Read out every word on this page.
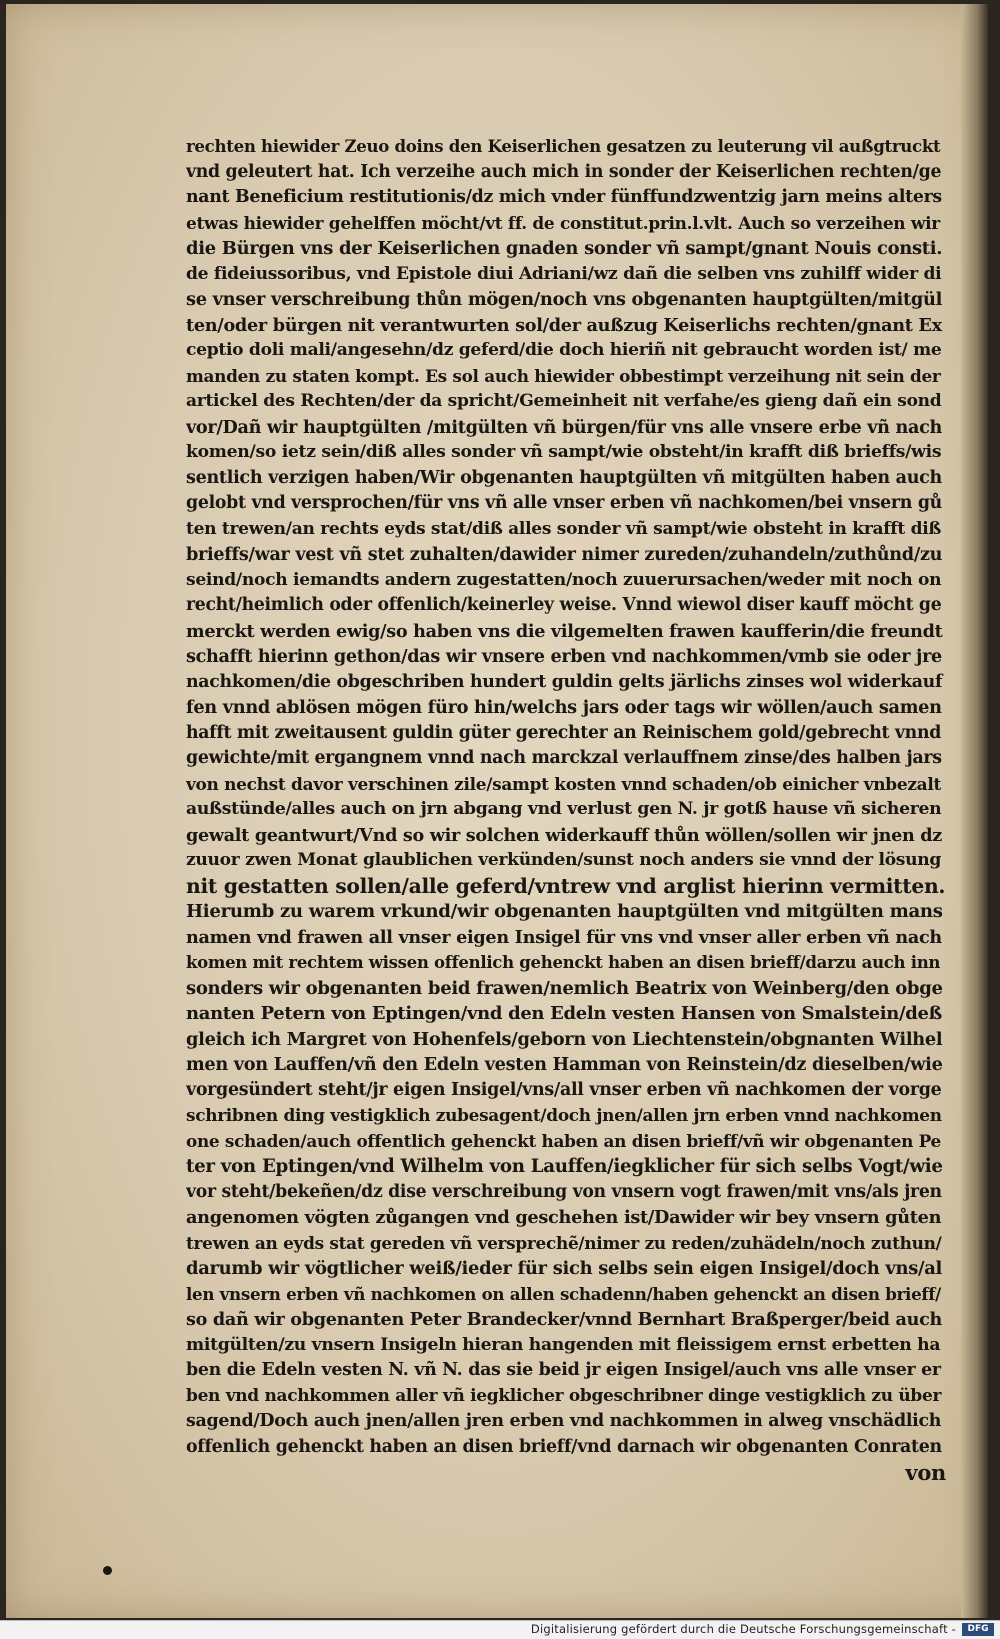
rechten hiewider Zeuo doins den Keiserlichen gesatzen zu leuterung vil außgtruckt
vnd geleutert hat. Ich verzeihe auch mich in sonder der Keiserlichen rechten/ge
nant Beneficium restitutionis/dz mich vnder fünffundzwentzig jarn meins alters
etwas hiewider gehelffen möcht/vt ff. de constitut.prin.l.vlt. Auch so verzeihen wir
die Bürgen vns der Keiserlichen gnaden sonder vñ sampt/gnant Nouis consti.
de fideiussoribus, vnd Epistole diui Adriani/wz dañ die selben vns zuhilff wider di
se vnser verschreibung thůn mögen/noch vns obgenanten hauptgülten/mitgül
ten/oder bürgen nit verantwurten sol/der außzug Keiserlichs rechten/gnant Ex
ceptio doli mali/angesehn/dz geferd/die doch hieriñ nit gebraucht worden ist/ me
manden zu staten kompt. Es sol auch hiewider obbestimpt verzeihung nit sein der
artickel des Rechten/der da spricht/Gemeinheit nit verfahe/es gieng dañ ein sond
vor/Dañ wir hauptgülten /mitgülten vñ bürgen/für vns alle vnsere erbe vñ nach
komen/so ietz sein/diß alles sonder vñ sampt/wie obsteht/in krafft diß brieffs/wis
sentlich verzigen haben/Wir obgenanten hauptgülten vñ mitgülten haben auch
gelobt vnd versprochen/für vns vñ alle vnser erben vñ nachkomen/bei vnsern gů
ten trewen/an rechts eyds stat/diß alles sonder vñ sampt/wie obsteht in krafft diß
brieffs/war vest vñ stet zuhalten/dawider nimer zureden/zuhandeln/zuthůnd/zu
seind/noch iemandts andern zugestatten/noch zuuerursachen/weder mit noch on
recht/heimlich oder offenlich/keinerley weise. Vnnd wiewol diser kauff möcht ge
merckt werden ewig/so haben vns die vilgemelten frawen kaufferin/die freundt
schafft hierinn gethon/das wir vnsere erben vnd nachkommen/vmb sie oder jre
nachkomen/die obgeschriben hundert guldin gelts järlichs zinses wol widerkauf
fen vnnd ablösen mögen füro hin/welchs jars oder tags wir wöllen/auch samen
hafft mit zweitausent guldin güter gerechter an Reinischem gold/gebrecht vnnd
gewichte/mit ergangnem vnnd nach marckzal verlauffnem zinse/des halben jars
von nechst davor verschinen zile/sampt kosten vnnd schaden/ob einicher vnbezalt
außstünde/alles auch on jrn abgang vnd verlust gen N. jr gotß hause vñ sicheren
gewalt geantwurt/Vnd so wir solchen widerkauff thůn wöllen/sollen wir jnen dz
zuuor zwen Monat glaublichen verkünden/sunst noch anders sie vnnd der lösung
nit gestatten sollen/alle geferd/vntrew vnd arglist hierinn vermitten.
Hierumb zu warem vrkund/wir obgenanten hauptgülten vnd mitgülten mans
namen vnd frawen all vnser eigen Insigel für vns vnd vnser aller erben vñ nach
komen mit rechtem wissen offenlich gehenckt haben an disen brieff/darzu auch inn
sonders wir obgenanten beid frawen/nemlich Beatrix von Weinberg/den obge
nanten Petern von Eptingen/vnd den Edeln vesten Hansen von Smalstein/deß
gleich ich Margret von Hohenfels/geborn von Liechtenstein/obgnanten Wilhel
men von Lauffen/vñ den Edeln vesten Hamman von Reinstein/dz dieselben/wie
vorgesündert steht/jr eigen Insigel/vns/all vnser erben vñ nachkomen der vorge
schribnen ding vestigklich zubesagent/doch jnen/allen jrn erben vnnd nachkomen
one schaden/auch offentlich gehenckt haben an disen brieff/vñ wir obgenanten Pe
ter von Eptingen/vnd Wilhelm von Lauffen/iegklicher für sich selbs Vogt/wie
vor steht/bekeñen/dz dise verschreibung von vnsern vogt frawen/mit vns/als jren
angenomen vögten zůgangen vnd geschehen ist/Dawider wir bey vnsern gůten
trewen an eyds stat gereden vñ versprechẽ/nimer zu reden/zuhädeln/noch zuthun/
darumb wir vögtlicher weiß/ieder für sich selbs sein eigen Insigel/doch vns/al
len vnsern erben vñ nachkomen on allen schadenn/haben gehenckt an disen brieff/
so dañ wir obgenanten Peter Brandecker/vnnd Bernhart Braßperger/beid auch
mitgülten/zu vnsern Insigeln hieran hangenden mit fleissigem ernst erbetten ha
ben die Edeln vesten N. vñ N. das sie beid jr eigen Insigel/auch vns alle vnser er
ben vnd nachkommen aller vñ iegklicher obgeschribner dinge vestigklich zu über
sagend/Doch auch jnen/allen jren erben vnd nachkommen in alweg vnschädlich
offenlich gehenckt haben an disen brieff/vnd darnach wir obgenanten Conraten
von
Digitalisierung gefördert durch die Deutsche Forschungsgemeinschaft -	DFG
